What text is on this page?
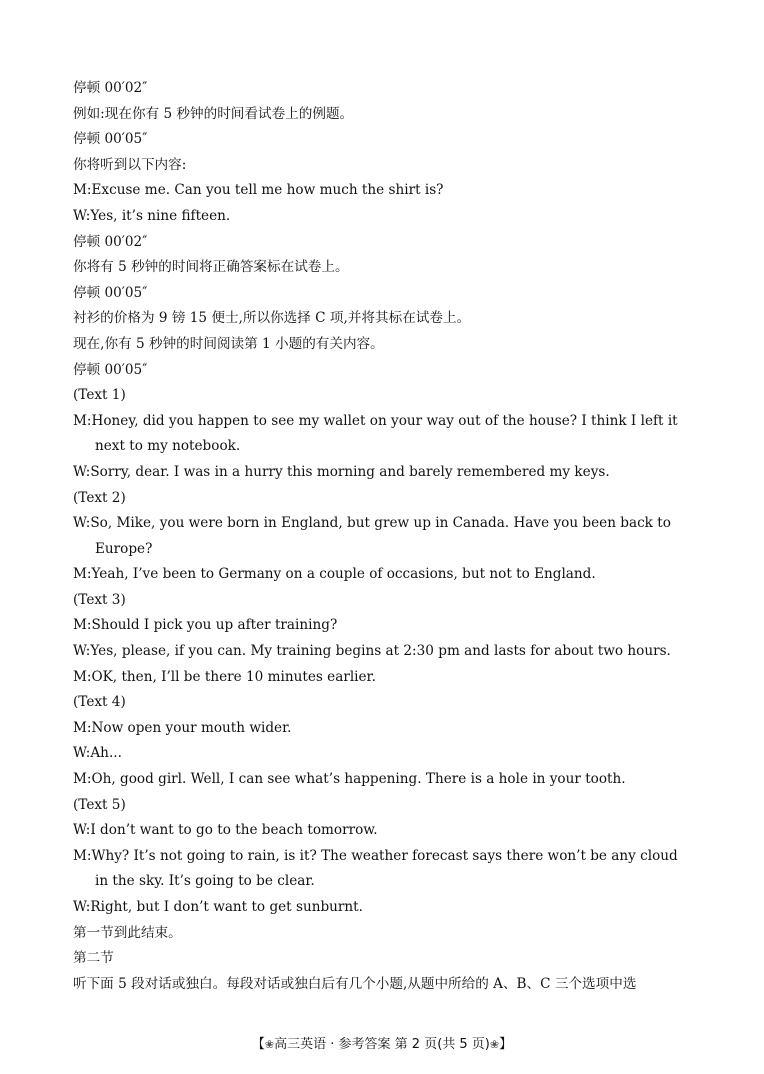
停顿 00′02″
例如:现在你有 5 秒钟的时间看试卷上的例题。
停顿 00′05″
你将听到以下内容:
M:Excuse me. Can you tell me how much the shirt is?
W:Yes, it’s nine fifteen.
停顿 00′02″
你将有 5 秒钟的时间将正确答案标在试卷上。
停顿 00′05″
衬衫的价格为 9 镑 15 便士,所以你选择 C 项,并将其标在试卷上。
现在,你有 5 秒钟的时间阅读第 1 小题的有关内容。
停顿 00′05″
(Text 1)
M:Honey, did you happen to see my wallet on your way out of the house? I think I left it next to my notebook.
W:Sorry, dear. I was in a hurry this morning and barely remembered my keys.
(Text 2)
W:So, Mike, you were born in England, but grew up in Canada. Have you been back to Europe?
M:Yeah, I’ve been to Germany on a couple of occasions, but not to England.
(Text 3)
M:Should I pick you up after training?
W:Yes, please, if you can. My training begins at 2:30 pm and lasts for about two hours.
M:OK, then, I’ll be there 10 minutes earlier.
(Text 4)
M:Now open your mouth wider.
W:Ah...
M:Oh, good girl. Well, I can see what’s happening. There is a hole in your tooth.
(Text 5)
W:I don’t want to go to the beach tomorrow.
M:Why? It’s not going to rain, is it? The weather forecast says there won’t be any cloud in the sky. It’s going to be clear.
W:Right, but I don’t want to get sunburnt.
第一节到此结束。
第二节
听下面 5 段对话或独白。每段对话或独白后有几个小题,从题中所给的 A、B、C 三个选项中选
【❀高三英语 · 参考答案 第 2 页(共 5 页)❀】
